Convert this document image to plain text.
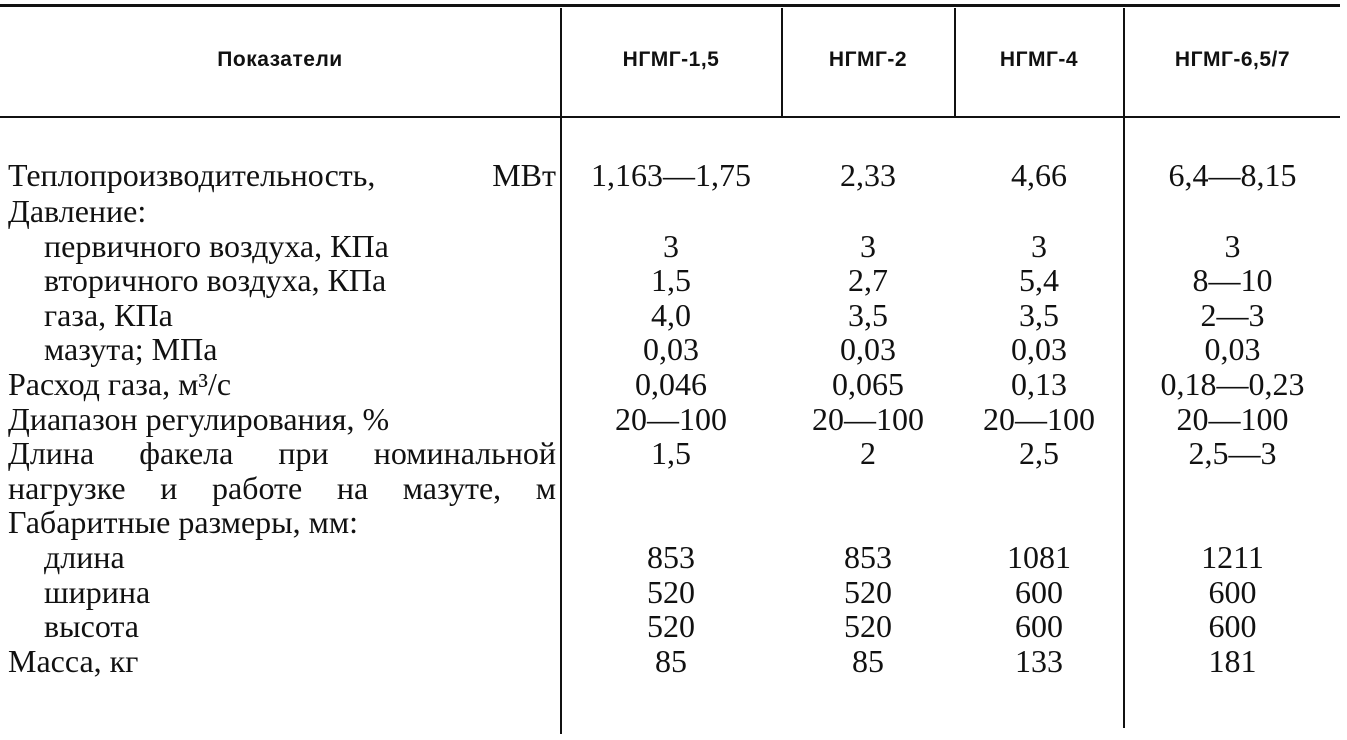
Показатели	НГМГ-1,5	НГМГ-2	НГМГ-4	НГМГ-6,5/7
Теплопроизводительность, МВт	1,163—1,75	2,33	4,66	6,4—8,15
Давление:
первичного воздуха, КПа	3	3	3	3
вторичного воздуха, КПа	1,5	2,7	5,4	8—10
газа, КПа	4,0	3,5	3,5	2—3
мазута; МПа	0,03	0,03	0,03	0,03
Расход газа, м³/с	0,046	0,065	0,13	0,18—0,23
Диапазон регулирования, %	20—100	20—100	20—100	20—100
Длина факела при номинальной	1,5	2	2,5	2,5—3
нагрузке и работе на мазуте, м
Габаритные размеры, мм:
длина	853	853	1081	1211
ширина	520	520	600	600
высота	520	520	600	600
Масса, кг	85	85	133	181
